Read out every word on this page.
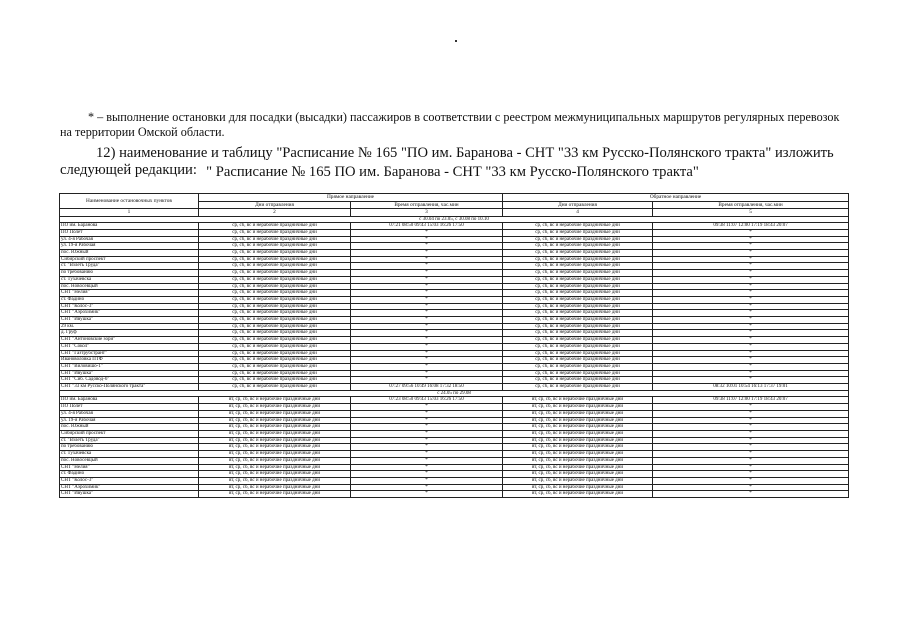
* – выполнение остановки для посадки (высадки) пассажиров в соответствии с реестром межмуниципальных маршрутов регулярных перевозок на территории Омской области.

12) наименование и таблицу "Расписание № 165 "ПО им. Баранова - СНТ "33 км Русско-Полянского тракта" изложить следующей редакции: " Расписание № 165 ПО им. Баранова - СНТ "33 км Русско-Полянского тракта"
Наименование остановочных пунктов	Прямое направление		Обратное направление	
	Дни отправления	Время отправления, час.мин	Дни отправления	Время отправления, час.мин
1	2	3	4	5
с 30.04 по 23.05, с 30.08 по 10.10				
ПО им. Баранова	ср, сб, вс и нерабочие праздничные дни	07:21 08:50 09:43 15:03 16:26 17:50	ср, сб, вс и нерабочие праздничные дни	09:38 11:07 12:00 17:19 18:43 20:07
ПО Полет	ср, сб, вс и нерабочие праздничные дни	*	ср, сб, вс и нерабочие праздничные дни	*
ул. 4-я Рабочая	ср, сб, вс и нерабочие праздничные дни	*	ср, сб, вс и нерабочие праздничные дни	*
ул. 19-я Рабочая	ср, сб, вс и нерабочие праздничные дни	*	ср, сб, вс и нерабочие праздничные дни	*
пос. Южный	ср, сб, вс и нерабочие праздничные дни	*	ср, сб, вс и нерабочие праздничные дни	*
Сибирский проспект	ср, сб, вс и нерабочие праздничные дни	*	ср, сб, вс и нерабочие праздничные дни	*
ст. "Взлеть Труда"	ср, сб, вс и нерабочие праздничные дни	*	ср, сб, вс и нерабочие праздничные дни	*
по требованию	ср, сб, вс и нерабочие праздничные дни	*	ср, сб, вс и нерабочие праздничные дни	*
ст. Тухачевска	ср, сб, вс и нерабочие праздничные дни	*	ср, сб, вс и нерабочие праздничные дни	*
пос. Новосевцый	ср, сб, вс и нерабочие праздничные дни	*	ср, сб, вс и нерабочие праздничные дни	*
СНТ "Нелия"	ср, сб, вс и нерабочие праздничные дни	*	ср, сб, вс и нерабочие праздничные дни	*
ст. Фадино	ср, сб, вс и нерабочие праздничные дни	*	ср, сб, вс и нерабочие праздничные дни	*
СНТ "Колос-3"	ср, сб, вс и нерабочие праздничные дни	*	ср, сб, вс и нерабочие праздничные дни	*
СНТ "Аэрохимик"	ср, сб, вс и нерабочие праздничные дни	*	ср, сб, вс и нерабочие праздничные дни	*
СНТ "Ивушка"	ср, сб, вс и нерабочие праздничные дни	*	ср, сб, вс и нерабочие праздничные дни	*
29 км.	ср, сб, вс и нерабочие праздничные дни	*	ср, сб, вс и нерабочие праздничные дни	*
д. Груф	ср, сб, вс и нерабочие праздничные дни	*	ср, сб, вс и нерабочие праздничные дни	*
СНТ "Антоновские зори"	ср, сб, вс и нерабочие праздничные дни	*	ср, сб, вс и нерабочие праздничные дни	*
СНТ "Сокол"	ср, сб, вс и нерабочие праздничные дни	*	ср, сб, вс и нерабочие праздничные дни	*
СНТ "Газтрубстрант"	ср, сб, вс и нерабочие праздничные дни	*	ср, сб, вс и нерабочие праздничные дни	*
Ивановоловка ПТФ	ср, сб, вс и нерабочие праздничные дни	*	ср, сб, вс и нерабочие праздничные дни	*
СНТ "Виловишо-1"	ср, сб, вс и нерабочие праздничные дни	*	ср, сб, вс и нерабочие праздничные дни	*
СНТ "Ивушка"	ср, сб, вс и нерабочие праздничные дни	*	ср, сб, вс и нерабочие праздничные дни	*
СНТ "Сиб. Садовод-6"	ср, сб, вс и нерабочие праздничные дни	*	ср, сб, вс и нерабочие праздничные дни	*
СНТ "33 км Русско-Полянского тракта"	ср, сб, вс и нерабочие праздничные дни	07:27 09:56 10:49 16:08 17:32 18:50	ср, сб, вс и нерабочие праздничные дни	08:32 10:01 10:54 16:13 17:37 19:01
с 24.05 по 29.08				
ПО им. Баранова	вт, ср, сб, вс и нерабочие праздничные дни	07:23 08:50 09:43 15:03 16:26 17:50	вт, ср, сб, вс и нерабочие праздничные дни	09:38 11:07 12:00 17:19 18:43 20:07
ПО Полет	вт, ср, сб, вс и нерабочие праздничные дни	*	вт, ср, сб, вс и нерабочие праздничные дни	*
ул. 4-я Рабочая	вт, ср, сб, вс и нерабочие праздничные дни	*	вт, ср, сб, вс и нерабочие праздничные дни	*
ул. 19-я Рабочая	вт, ср, сб, вс и нерабочие праздничные дни	*	вт, ср, сб, вс и нерабочие праздничные дни	*
пос. Южный	вт, ср, сб, вс и нерабочие праздничные дни	*	вт, ср, сб, вс и нерабочие праздничные дни	*
Сибирский проспект	вт, ср, сб, вс и нерабочие праздничные дни	*	вт, ср, сб, вс и нерабочие праздничные дни	*
ст. "Взлеть Труда"	вт, ср, сб, вс и нерабочие праздничные дни	*	вт, ср, сб, вс и нерабочие праздничные дни	*
по требованию	вт, ср, сб, вс и нерабочие праздничные дни	*	вт, ср, сб, вс и нерабочие праздничные дни	*
ст. Тухачевска	вт, ср, сб, вс и нерабочие праздничные дни	*	вт, ср, сб, вс и нерабочие праздничные дни	*
пос. Новосевцый	вт, ср, сб, вс и нерабочие праздничные дни	*	вт, ср, сб, вс и нерабочие праздничные дни	*
СНТ "Нелия"	вт, ср, сб, вс и нерабочие праздничные дни	*	вт, ср, сб, вс и нерабочие праздничные дни	*
ст. Фадино	вт, ср, сб, вс и нерабочие праздничные дни	*	вт, ср, сб, вс и нерабочие праздничные дни	*
СНТ "Колос-3"	вт, ср, сб, вс и нерабочие праздничные дни	*	вт, ср, сб, вс и нерабочие праздничные дни	*
СНТ "Аэрохимик"	вт, ср, сб, вс и нерабочие праздничные дни	*	вт, ср, сб, вс и нерабочие праздничные дни	*
СНТ "Ивушка"	вт, ср, сб, вс и нерабочие праздничные дни	*	вт, ср, сб, вс и нерабочие праздничные дни	*
